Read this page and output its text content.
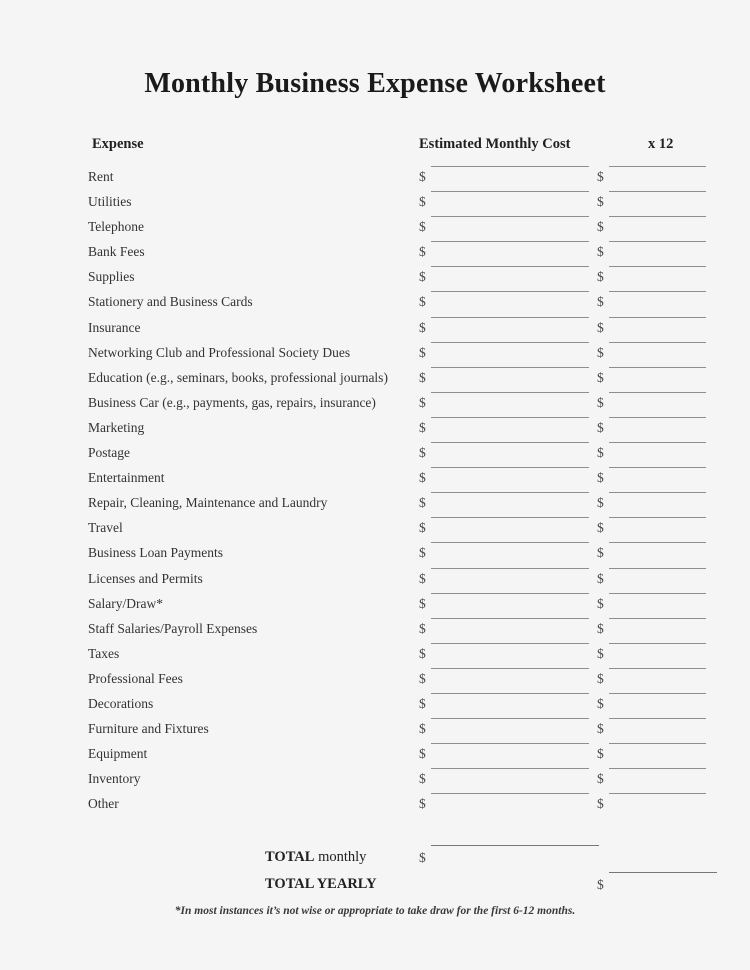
Monthly Business Expense Worksheet
Expense	Estimated Monthly Cost	x 12
Rent	$	$
Utilities	$	$
Telephone	$	$
Bank Fees	$	$
Supplies	$	$
Stationery and Business Cards	$	$
Insurance	$	$
Networking Club and Professional Society Dues	$	$
Education (e.g., seminars, books, professional journals) $	$
Business Car (e.g., payments, gas, repairs, insurance)	$	$
Marketing	$	$
Postage	$	$
Entertainment	$	$
Repair, Cleaning, Maintenance and Laundry	$	$
Travel	$	$
Business Loan Payments	$	$
Licenses and Permits	$	$
Salary/Draw*	$	$
Staff Salaries/Payroll Expenses	$	$
Taxes	$	$
Professional Fees	$	$
Decorations	$	$
Furniture and Fixtures	$	$
Equipment	$	$
Inventory	$	$
Other	$	$
TOTAL monthly	$
TOTAL YEARLY	$
*In most instances it’s not wise or appropriate to take draw for the first 6-12 months.
